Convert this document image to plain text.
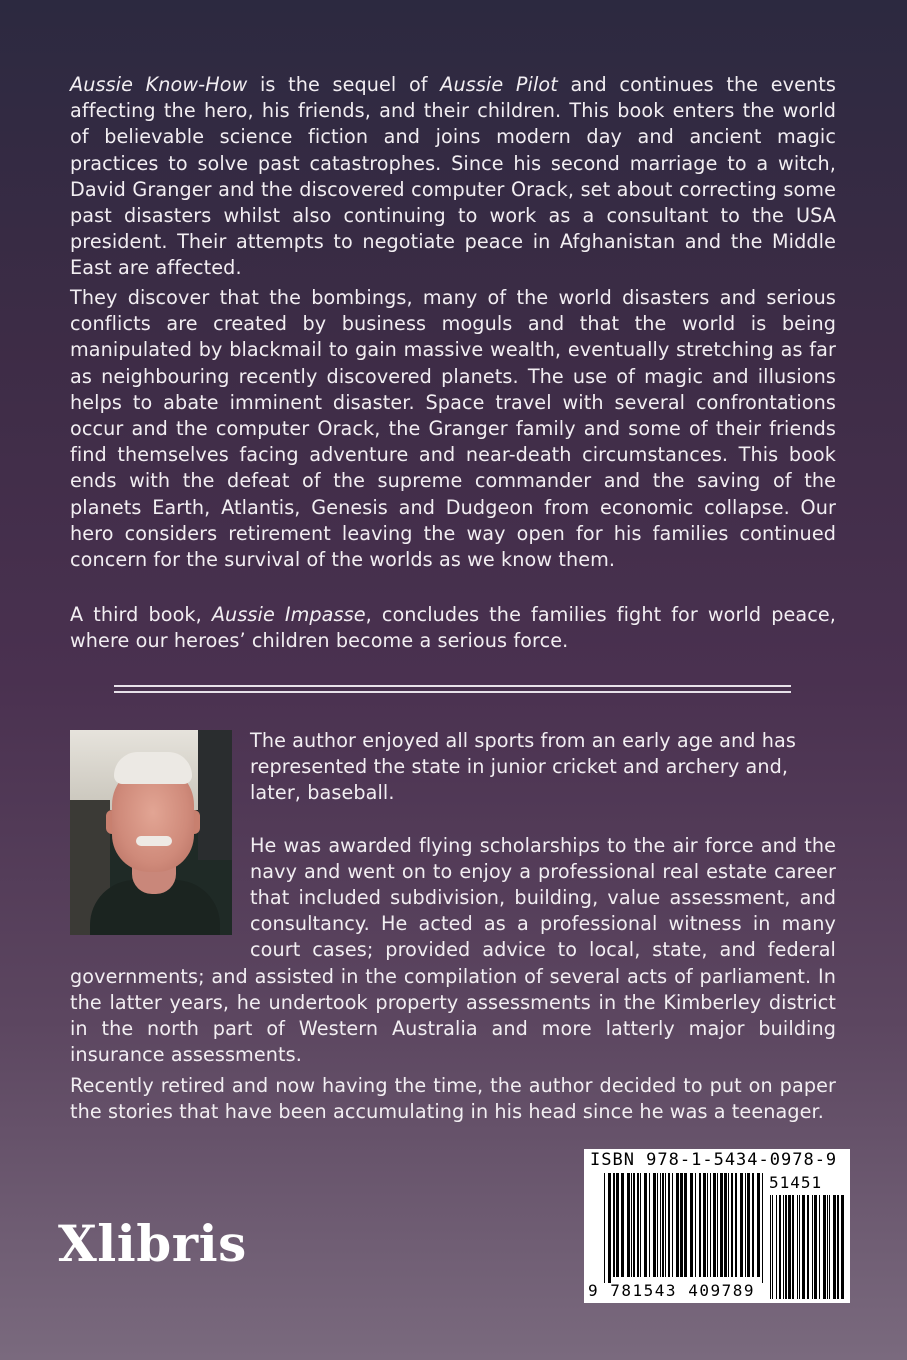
Aussie Know-How is the sequel of Aussie Pilot and continues the events affecting the hero, his friends, and their children. This book enters the world of believable science fiction and joins modern day and ancient magic practices to solve past catastrophes. Since his second marriage to a witch, David Granger and the discovered computer Orack, set about correcting some past disasters whilst also continuing to work as a consultant to the USA president. Their attempts to negotiate peace in Afghanistan and the Middle East are affected.

They discover that the bombings, many of the world disasters and serious conflicts are created by business moguls and that the world is being manipulated by blackmail to gain massive wealth, eventually stretching as far as neighbouring recently discovered planets. The use of magic and illusions helps to abate imminent disaster. Space travel with several confrontations occur and the computer Orack, the Granger family and some of their friends find themselves facing adventure and near-death circumstances. This book ends with the defeat of the supreme commander and the saving of the planets Earth, Atlantis, Genesis and Dudgeon from economic collapse. Our hero considers retirement leaving the way open for his families continued concern for the survival of the worlds as we know them.

A third book, Aussie Impasse, concludes the families fight for world peace, where our heroes’ children become a serious force.

The author enjoyed all sports from an early age and has represented the state in junior cricket and archery and, later, baseball.

He was awarded flying scholarships to the air force and the navy and went on to enjoy a professional real estate career that included subdivision, building, value assessment, and consultancy. He acted as a professional witness in many court cases; provided advice to local, state, and federal governments; and assisted in the compilation of several acts of parliament. In the latter years, he undertook property assessments in the Kimberley district in the north part of Western Australia and more latterly major building insurance assessments.

Recently retired and now having the time, the author decided to put on paper the stories that have been accumulating in his head since he was a teenager.

Xlibris
ISBN 978-1-5434-0978-9
51451
9 781543 409789
